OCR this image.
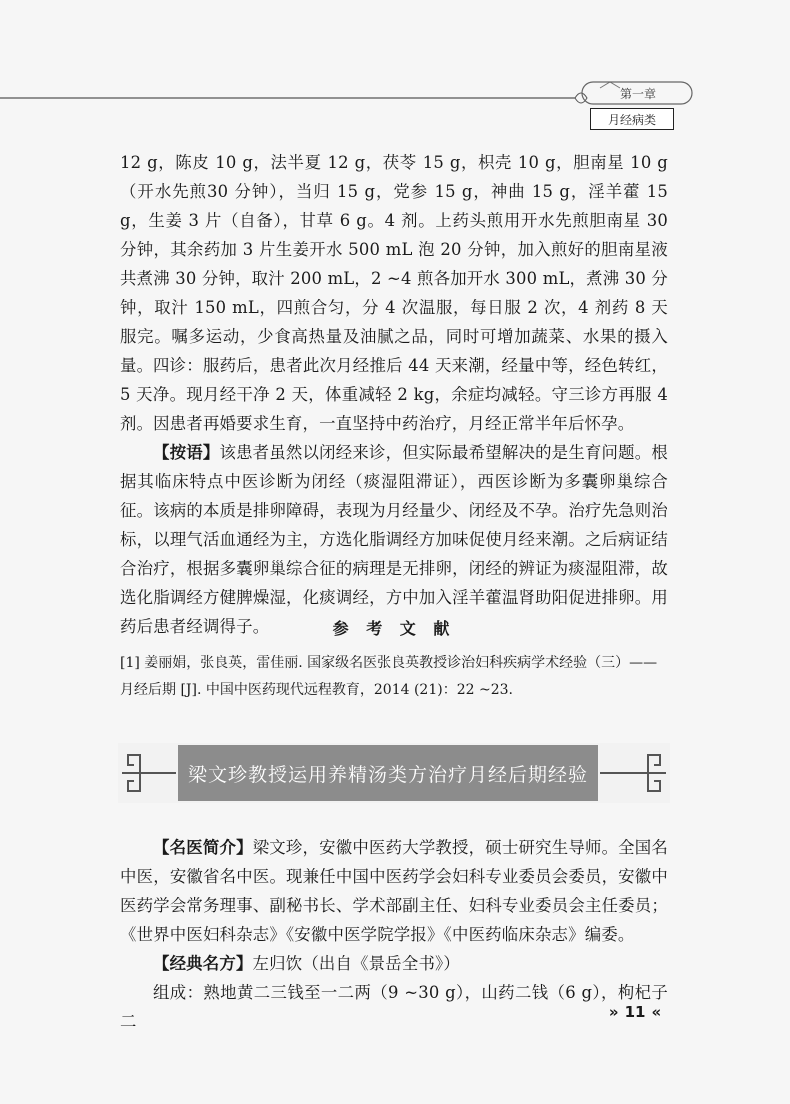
第一章
月经病类

12 g，陈皮 10 g，法半夏 12 g，茯苓 15 g，枳壳 10 g，胆南星 10 g（开水先煎30 分钟），当归 15 g，党参 15 g，神曲 15 g，淫羊藿 15 g，生姜 3 片（自备），甘草 6 g。4 剂。上药头煎用开水先煎胆南星 30 分钟，其余药加 3 片生姜开水 500 mL 泡 20 分钟，加入煎好的胆南星液共煮沸 30 分钟，取汁 200 mL，2 ~4 煎各加开水 300 mL，煮沸 30 分钟，取汁 150 mL，四煎合匀，分 4 次温服，每日服 2 次，4 剂药 8 天服完。嘱多运动，少食高热量及油腻之品，同时可增加蔬菜、水果的摄入量。 四诊：服药后，患者此次月经推后 44 天来潮，经量中等，经色转红，5 天净。现月经干净 2 天，体重减轻 2 kg，余症均减轻。守三诊方再服 4 剂。因患者再婚要求生育，一直坚持中药治疗，月经正常半年后怀孕。

【按语】该患者虽然以闭经来诊，但实际最希望解决的是生育问题。根据其临床特点中医诊断为闭经（痰湿阻滞证），西医诊断为多囊卵巢综合征。该病的本质是排卵障碍，表现为月经量少、闭经及不孕。治疗先急则治标，以理气活血通经为主，方选化脂调经方加味促使月经来潮。之后病证结合治疗，根据多囊卵巢综合征的病理是无排卵，闭经的辨证为痰湿阻滞，故选化脂调经方健脾燥湿，化痰调经，方中加入淫羊藿温肾助阳促进排卵。用药后患者经调得子。	参 考 文 献
[1] 姜丽娟，张良英，雷佳丽. 国家级名医张良英教授诊治妇科疾病学术经验（三）——月经后期 [J]. 中国中医药现代远程教育，2014 (21)：22 ~23.
梁文珍教授运用养精汤类方治疗月经后期经验

【名医简介】梁文珍，安徽中医药大学教授，硕士研究生导师。全国名中医，安徽省名中医。现兼任中国中医药学会妇科专业委员会委员，安徽中医药学会常务理事、副秘书长、学术部副主任、妇科专业委员会主任委员；《世界中医妇科杂志》《安徽中医学院学报》《中医药临床杂志》编委。

【经典名方】左归饮（出自《景岳全书》）

组成：熟地黄二三钱至一二两（9 ~30 g），山药二钱（6 g），枸杞子二	» 11 «
